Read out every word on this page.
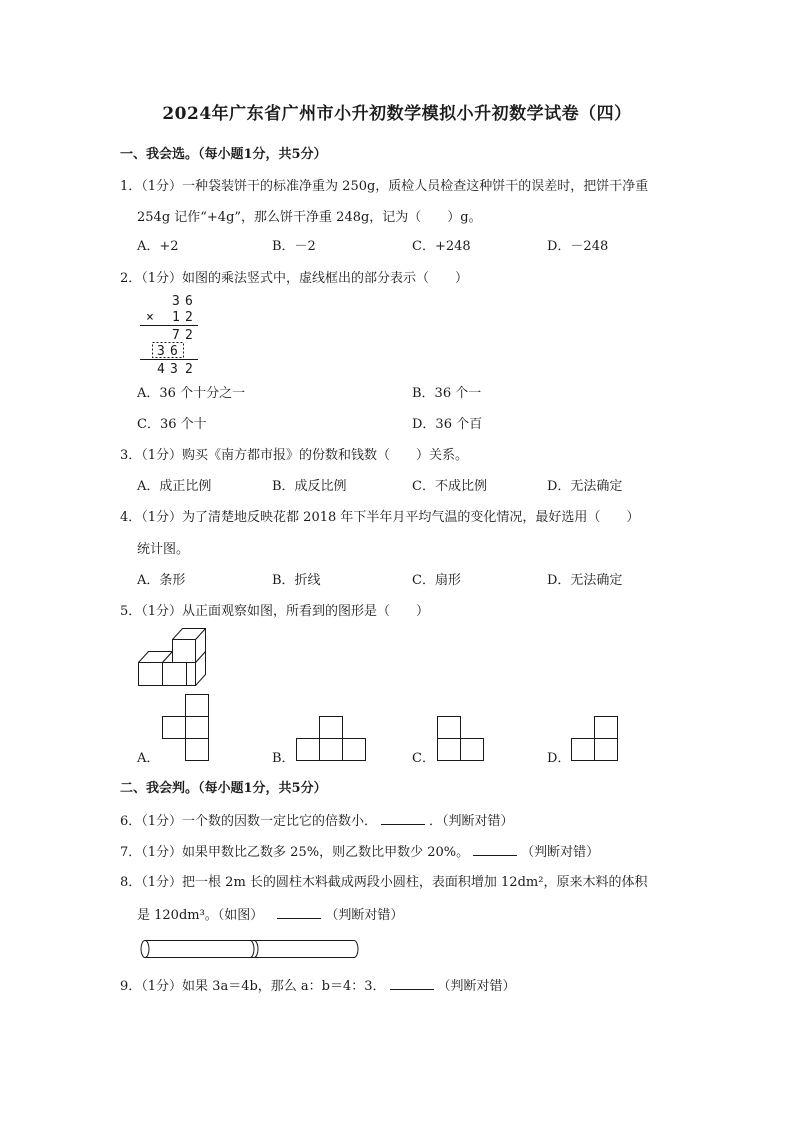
2024年广东省广州市小升初数学模拟小升初数学试卷（四）
一、我会选。（每小题1分，共5分）
1．（1分）一种袋装饼干的标准净重为 250g，质检人员检查这种饼干的误差时，把饼干净重
254g 记作“+4g”，那么饼干净重 248g，记为（　　）g。
A．+2	B．－2	C．+248	D．－248
2．（1分）如图的乘法竖式中，虚线框出的部分表示（　　）
3 6
× 1 2
7 2
3 6
4 3 2
A．36 个十分之一	B．36 个一
C．36 个十	D．36 个百
3．（1分）购买《南方都市报》的份数和钱数（　　）关系。
A．成正比例	B．成反比例	C．不成比例	D．无法确定
4．（1分）为了清楚地反映花都 2018 年下半年月平均气温的变化情况，最好选用（　　）
统计图。
A．条形	B．折线	C．扇形	D．无法确定
5．（1分）从正面观察如图，所看到的图形是（　　）
A．	B．	C．	D．
二、我会判。（每小题1分，共5分）
6．（1分）一个数的因数一定比它的倍数小．	．（判断对错）
7．（1分）如果甲数比乙数多 25%，则乙数比甲数少 20%。	（判断对错）
8．（1分）把一根 2m 长的圆柱木料截成两段小圆柱，表面积增加 12dm²，原来木料的体积
是 120dm³。（如图）	（判断对错）
9．（1分）如果 3a＝4b，那么 a：b＝4：3．	（判断对错）
